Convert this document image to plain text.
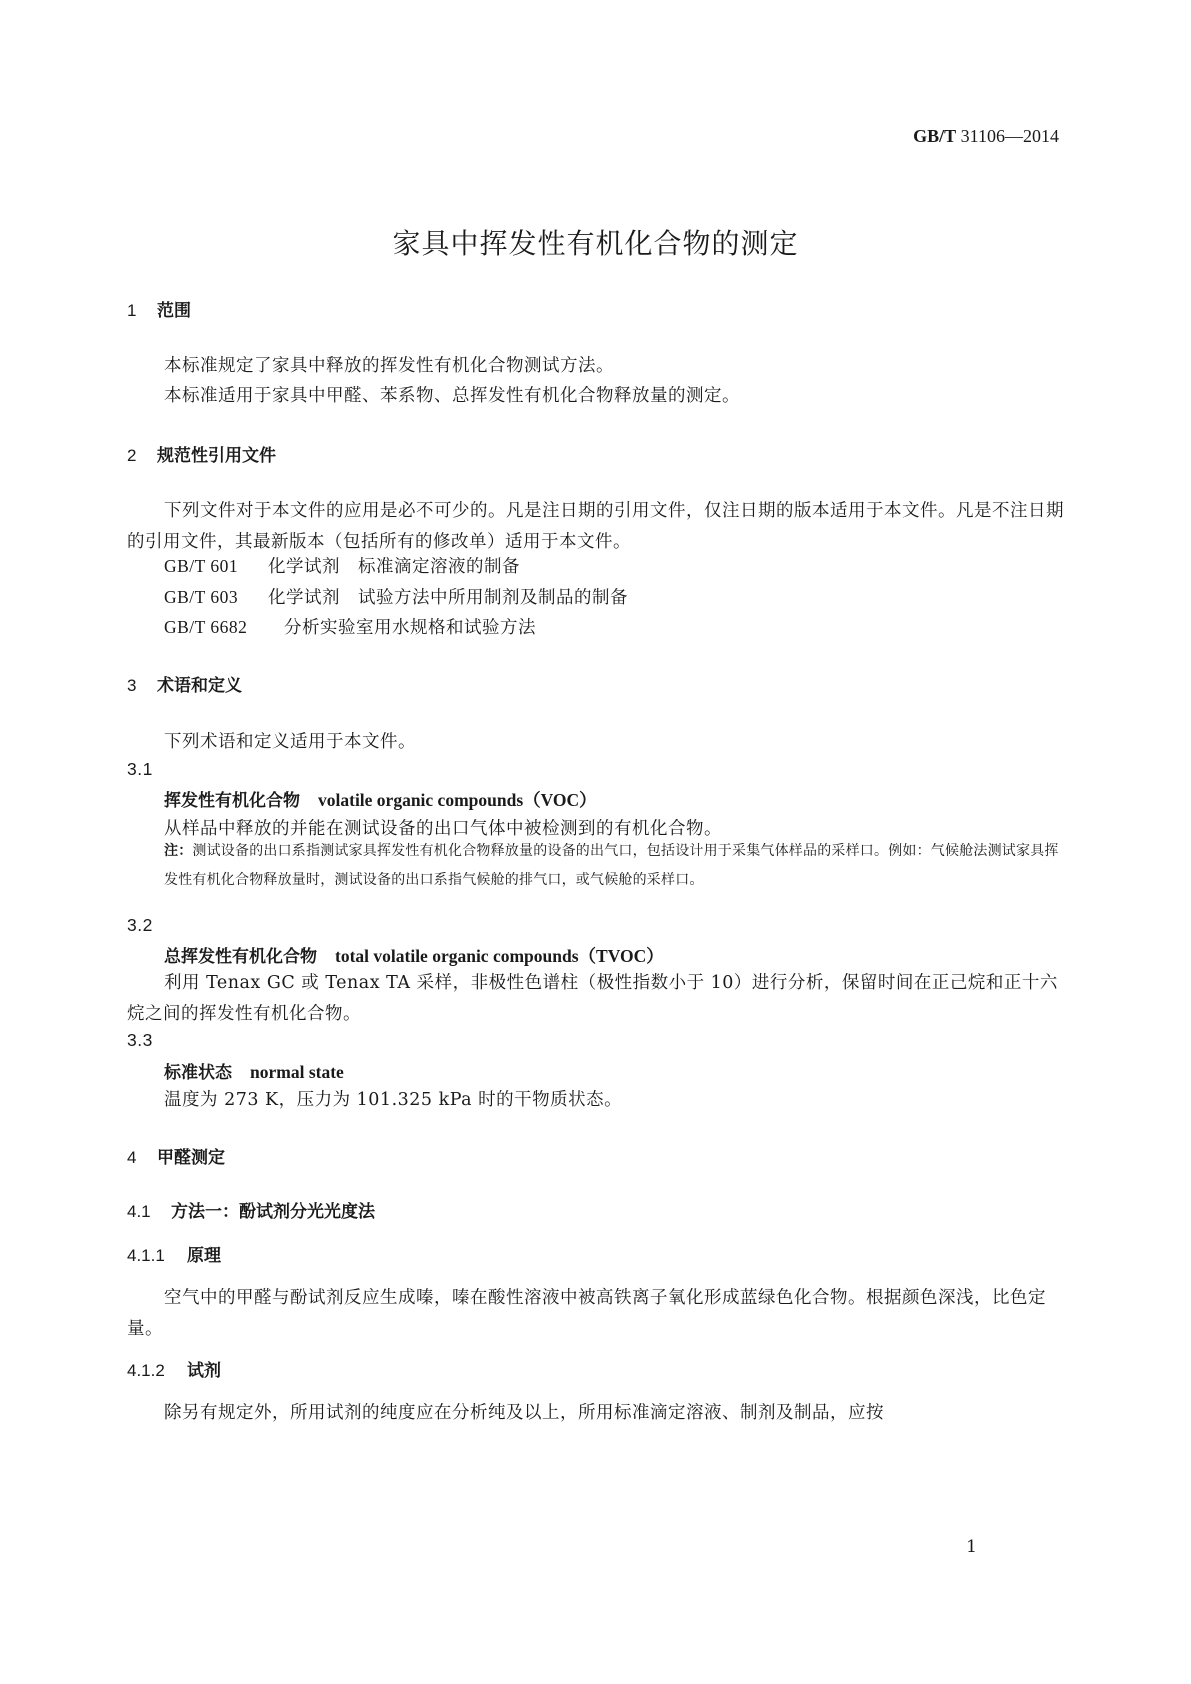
GB/T 31106—2014
家具中挥发性有机化合物的测定
1 范围
本标准规定了家具中释放的挥发性有机化合物测试方法。
本标准适用于家具中甲醛、苯系物、总挥发性有机化合物释放量的测定。
2 规范性引用文件
下列文件对于本文件的应用是必不可少的。凡是注日期的引用文件，仅注日期的版本适用于本文件。凡是不注日期的引用文件，其最新版本（包括所有的修改单）适用于本文件。
GB/T 601 化学试剂　标准滴定溶液的制备
GB/T 603 化学试剂　试验方法中所用制剂及制品的制备
GB/T 6682 分析实验室用水规格和试验方法
3 术语和定义
下列术语和定义适用于本文件。
3.1
挥发性有机化合物 volatile organic compounds（VOC）
从样品中释放的并能在测试设备的出口气体中被检测到的有机化合物。
注：测试设备的出口系指测试家具挥发性有机化合物释放量的设备的出气口，包括设计用于采集气体样品的采样口。例如：气候舱法测试家具挥发性有机化合物释放量时，测试设备的出口系指气候舱的排气口，或气候舱的采样口。
3.2
总挥发性有机化合物 total volatile organic compounds（TVOC）
利用 Tenax GC 或 Tenax TA 采样，非极性色谱柱（极性指数小于 10）进行分析，保留时间在正己烷和正十六烷之间的挥发性有机化合物。
3.3
标准状态 normal state
温度为 273 K，压力为 101.325 kPa 时的干物质状态。
4 甲醛测定
4.1 方法一：酚试剂分光光度法
4.1.1 原理
空气中的甲醛与酚试剂反应生成嗪，嗪在酸性溶液中被高铁离子氧化形成蓝绿色化合物。根据颜色深浅，比色定量。
4.1.2 试剂
除另有规定外，所用试剂的纯度应在分析纯及以上，所用标准滴定溶液、制剂及制品，应按
1
